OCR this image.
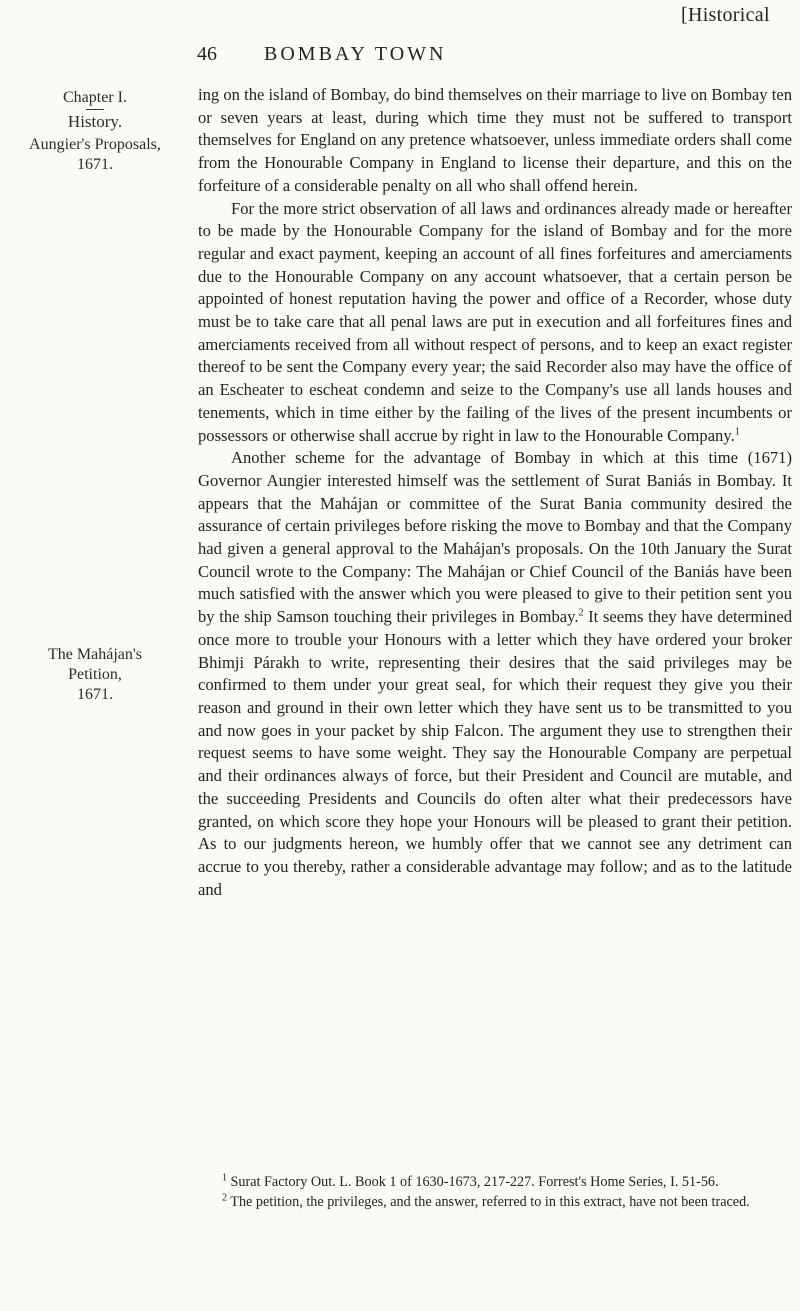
[Historical
46 BOMBAY TOWN
Chapter I.
History.
Aungier's Proposals,
1671.
The Mahájan's
Petition,
1671.

ing on the island of Bombay, do bind themselves on their marriage to live on Bombay ten or seven years at least, during which time they must not be suffered to transport themselves for England on any pretence whatsoever, unless immediate orders shall come from the Honourable Company in England to license their departure, and this on the forfeiture of a considerable penalty on all who shall offend herein.

For the more strict observation of all laws and ordinances already made or hereafter to be made by the Honourable Company for the island of Bombay and for the more regular and exact payment, keeping an account of all fines forfeitures and amerciaments due to the Honourable Company on any account whatsoever, that a certain person be appointed of honest reputation having the power and office of a Recorder, whose duty must be to take care that all penal laws are put in execution and all forfeitures fines and amerciaments received from all without respect of persons, and to keep an exact register thereof to be sent the Company every year; the said Recorder also may have the office of an Escheater to escheat condemn and seize to the Company's use all lands houses and tenements, which in time either by the failing of the lives of the present incumbents or possessors or otherwise shall accrue by right in law to the Honourable Company.$^1$

Another scheme for the advantage of Bombay in which at this time (1671) Governor Aungier interested himself was the settlement of Surat Baniás in Bombay. It appears that the Mahájan or committee of the Surat Bania community desired the assurance of certain privileges before risking the move to Bombay and that the Company had given a general approval to the Mahájan's proposals. On the 10th January the Surat Council wrote to the Company: The Mahájan or Chief Council of the Baniás have been much satisfied with the answer which you were pleased to give to their petition sent you by the ship Samson touching their privileges in Bombay.$^2$ It seems they have determined once more to trouble your Honours with a letter which they have ordered your broker Bhimji Párakh to write, representing their desires that the said privileges may be confirmed to them under your great seal, for which their request they give you their reason and ground in their own letter which they have sent us to be transmitted to you and now goes in your packet by ship Falcon. The argument they use to strengthen their request seems to have some weight. They say the Honourable Company are perpetual and their ordinances always of force, but their President and Council are mutable, and the succeeding Presidents and Councils do often alter what their predecessors have granted, on which score they hope your Honours will be pleased to grant their petition. As to our judgments hereon, we humbly offer that we cannot see any detriment can accrue to you thereby, rather a considerable advantage may follow; and as to the latitude and

$^1$ Surat Factory Out. L. Book 1 of 1630-1673, 217-227. Forrest's Home Series, I. 51-56.

$^2$ The petition, the privileges, and the answer, referred to in this extract, have not been traced.
